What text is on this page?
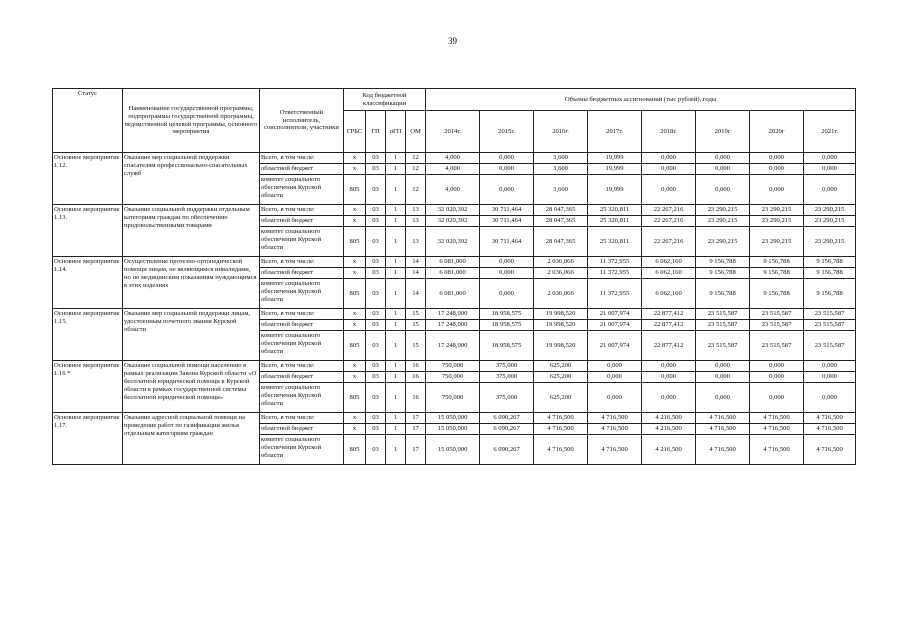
39
Статус	Наименование государственной программы, подпрограммы государственной программы, ведомственной целевой программы, основного мероприятия	Ответственный исполнитель, соисполнители, участники	Код бюджетной классификации				Объемы бюджетных ассигнований (тыс рублей), годы							
			ГРБС	ГП	пГП	ОМ	2014г.	2015г.	2016г.	2017г.	2018г.	2019г	2020г	2021г.
Основное мероприятие 1.12.	Оказание мер социальной поддержки спасателям профессионально-спасательных служб	Всего, в том числе:	x	03	1	12	4,000	0,000	3,600	19,999	0,000	0,000	0,000	0,000
		областной бюджет	x	03	1	12	4,000	0,000	3,600	19,999	0,000	0,000	0,000	0,000
		комитет социального обеспечения Курской области	805	03	1	12	4,000	0,000	3,600	19,999	0,000	0,000	0,000	0,000
Основное мероприятие 1.13.	Оказание социальной поддержки отдельным категориям граждан по обеспечению продовольственными товарами	Всего, в том числе:	x	03	1	13	32 020,392	30 711,464	28 047,365	25 320,811	22 267,216	23 290,215	23 290,215	23 290,215
		областной бюджет	x	03	1	13	32 020,392	30 711,464	28 047,365	25 320,811	22 267,216	23 290,215	23 290,215	23 290,215
		комитет социального обеспечения Курской области	805	03	1	13	32 020,392	30 711,464	28 047,365	25 320,811	22 267,216	23 290,215	23 290,215	23 290,215
Основное мероприятие 1.14.	Осуществление протезно-ортопедической помощи лицам, не являющимся инвалидами, но по медицинским показаниям нуждающимся в этих изделиях	Всего, в том числе:	x	03	1	14	6 081,000	0,000	2 036,066	11 372,955	6 062,160	9 156,788	9 156,788	9 156,788
		областной бюджет	x	03	1	14	6 081,000	0,000	2 036,066	11 372,955	6 062,160	9 156,788	9 156,788	9 156,788
		комитет социального обеспечения Курской области	805	03	1	14	6 081,000	0,000	2 036,066	11 372,955	6 062,160	9 156,788	9 156,788	9 156,788
Основное мероприятие 1.15.	Оказание мер социальной поддержки лицам, удостоенным почетного звания Курской области	Всего, в том числе:	x	03	1	15	17 248,000	18 958,575	19 998,520	21 007,974	22 877,412	23 515,587	23 515,587	23 515,587
		областной бюджет	x	03	1	15	17 248,000	18 958,575	19 998,520	21 007,974	22 877,412	23 515,587	23 515,587	23 515,587
		комитет социального обеспечения Курской области	805	03	1	15	17 248,000	18 958,575	19 998,520	21 007,974	22 877,412	23 515,587	23 515,587	23 515,587
Основное мероприятие 1.16 *	Оказание социальной помощи населению в рамках реализации Закона Курской области «О бесплатной юридической помощи в Курской области в рамках государственной системы бесплатной юридической помощи»	Всего, в том числе:	x	03	1	16	750,000	375,000	625,200	0,000	0,000	0,000	0,000	0,000
		областной бюджет	x	03	1	16	750,000	375,000	625,200	0,000	0,000	0,000	0,000	0,000
		комитет социального обеспечения Курской области	805	03	1	16	750,000	375,000	625,200	0,000	0,000	0,000	0,000	0,000
Основное мероприятие 1.17.	Оказание адресной социальной помощи на проведение работ по газификации жилья отдельным категориям граждан	Всего, в том числе:	x	03	1	17	15 050,000	6 090,267	4 716,500	4 716,500	4 216,500	4 716,500	4 716,500	4 716,500
		областной бюджет	x	03	1	17	15 050,000	6 090,267	4 716,500	4 716,500	4 216,500	4 716,500	4 716,500	4 716,500
		комитет социального обеспечения Курской области	805	03	1	17	15 050,000	6 090,267	4 716,500	4 716,500	4 216,500	4 716,500	4 716,500	4 716,500
